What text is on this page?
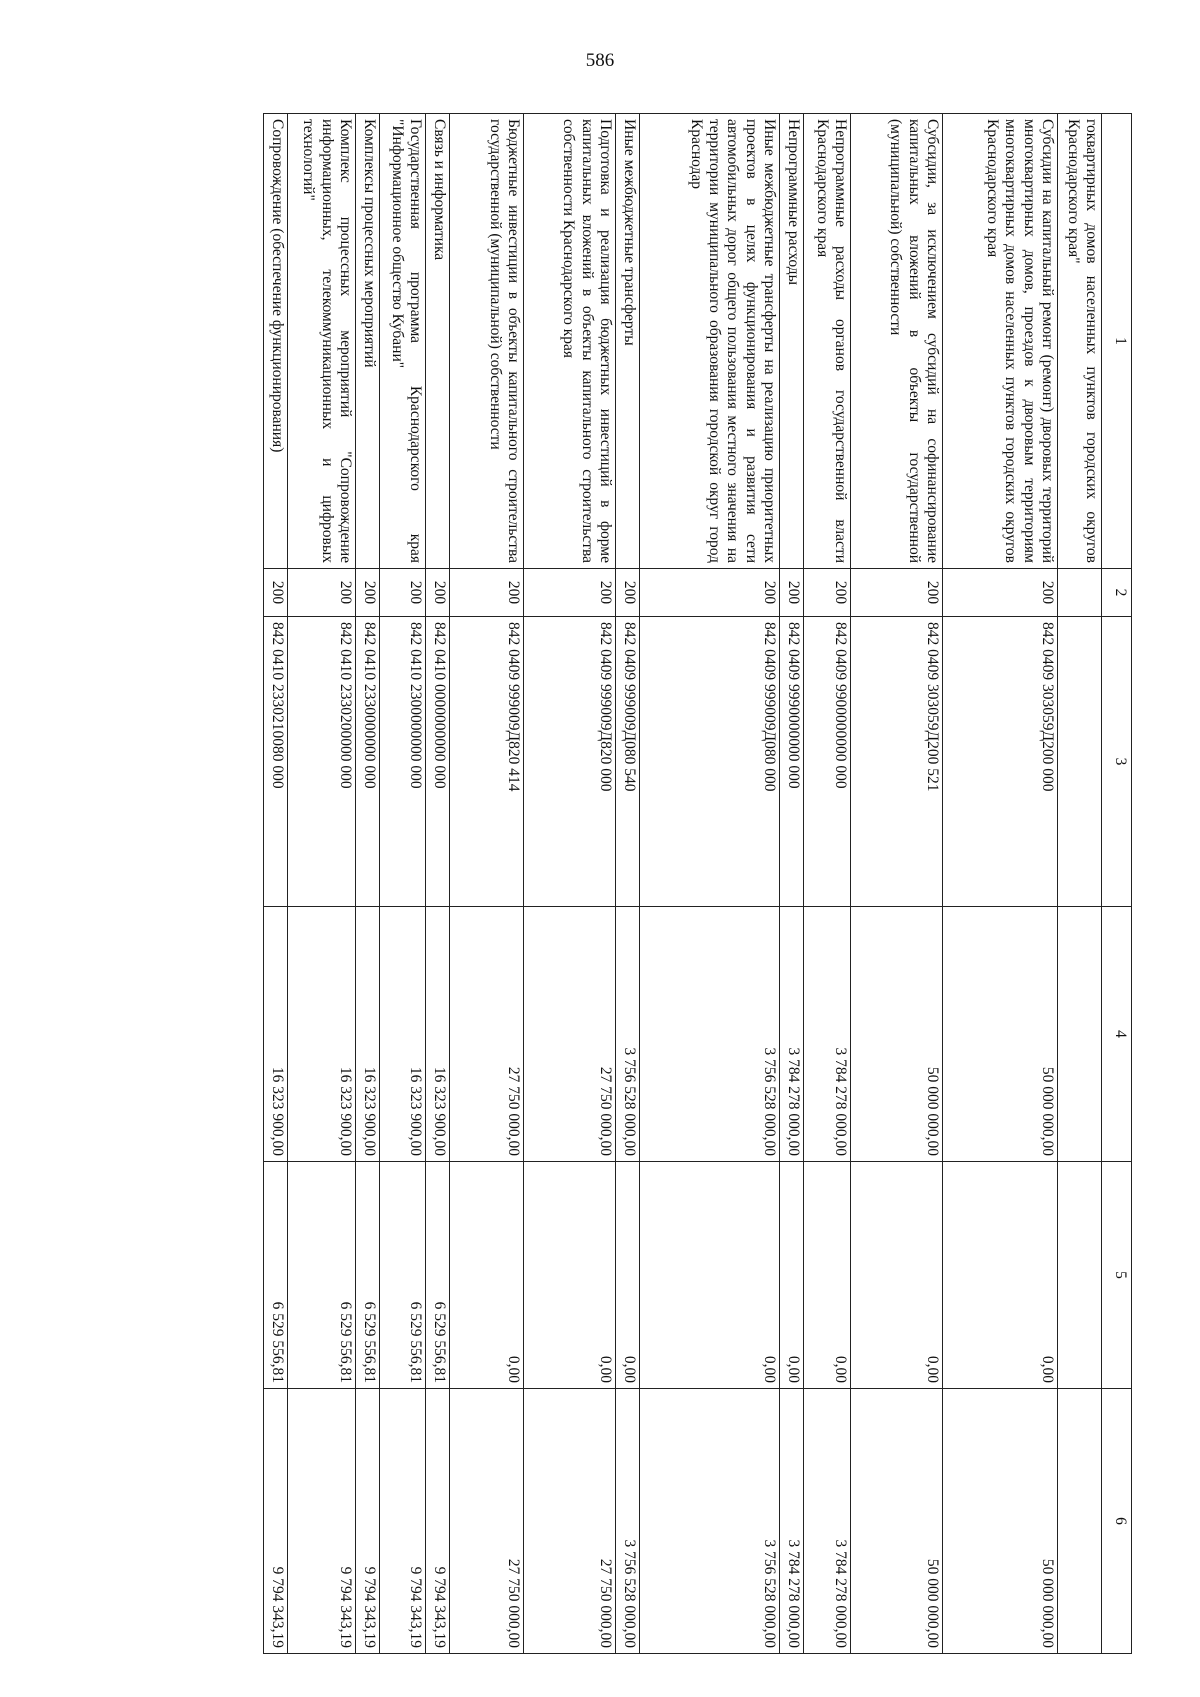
586
1	2	3	4	5	6
гоквартирных домов населенных пунктов городских округов Краснодарского края"					
Субсидии на капитальный ремонт (ремонт) дворовых территорий многоквартирных домов, проездов к дворовым территориям многоквартирных домов населенных пунктов городских округов Краснодарского края	200	842 0409 303059Д200 000	50 000 000,00	0,00	50 000 000,00
Субсидии, за исключением субсидий на софинансирование капитальных вложений в объекты государственной (муниципальной) собственности	200	842 0409 303059Д200 521	50 000 000,00	0,00	50 000 000,00
Непрограммные расходы органов государственной власти Краснодарского края	200	842 0409 9900000000 000	3 784 278 000,00	0,00	3 784 278 000,00
Непрограммные расходы	200	842 0409 9990000000 000	3 784 278 000,00	0,00	3 784 278 000,00
Иные межбюджетные трансферты на реализацию приоритетных проектов в целях функционирования и развития сети автомобильных дорог общего пользования местного значения на территории муниципального образования городской округ город Краснодар	200	842 0409 999009Д080 000	3 756 528 000,00	0,00	3 756 528 000,00
Иные межбюджетные трансферты	200	842 0409 999009Д080 540	3 756 528 000,00	0,00	3 756 528 000,00
Подготовка и реализация бюджетных инвестиций в форме капитальных вложений в объекты капитального строительства собственности Краснодарского края	200	842 0409 999009Д820 000	27 750 000,00	0,00	27 750 000,00
Бюджетные инвестиции в объекты капитального строительства государственной (муниципальной) собственности	200	842 0409 999009Д820 414	27 750 000,00	0,00	27 750 000,00
Связь и информатика	200	842 0410 0000000000 000	16 323 900,00	6 529 556,81	9 794 343,19
Государственная программа Краснодарского края "Информационное общество Кубани"	200	842 0410 2300000000 000	16 323 900,00	6 529 556,81	9 794 343,19
Комплексы процессных мероприятий	200	842 0410 2330000000 000	16 323 900,00	6 529 556,81	9 794 343,19
Комплекс процессных мероприятий "Сопровождение информационных, телекоммуникационных и цифровых технологий"	200	842 0410 2330200000 000	16 323 900,00	6 529 556,81	9 794 343,19
Сопровождение (обеспечение функционирования)	200	842 0410 2330210080 000	16 323 900,00	6 529 556,81	9 794 343,19
